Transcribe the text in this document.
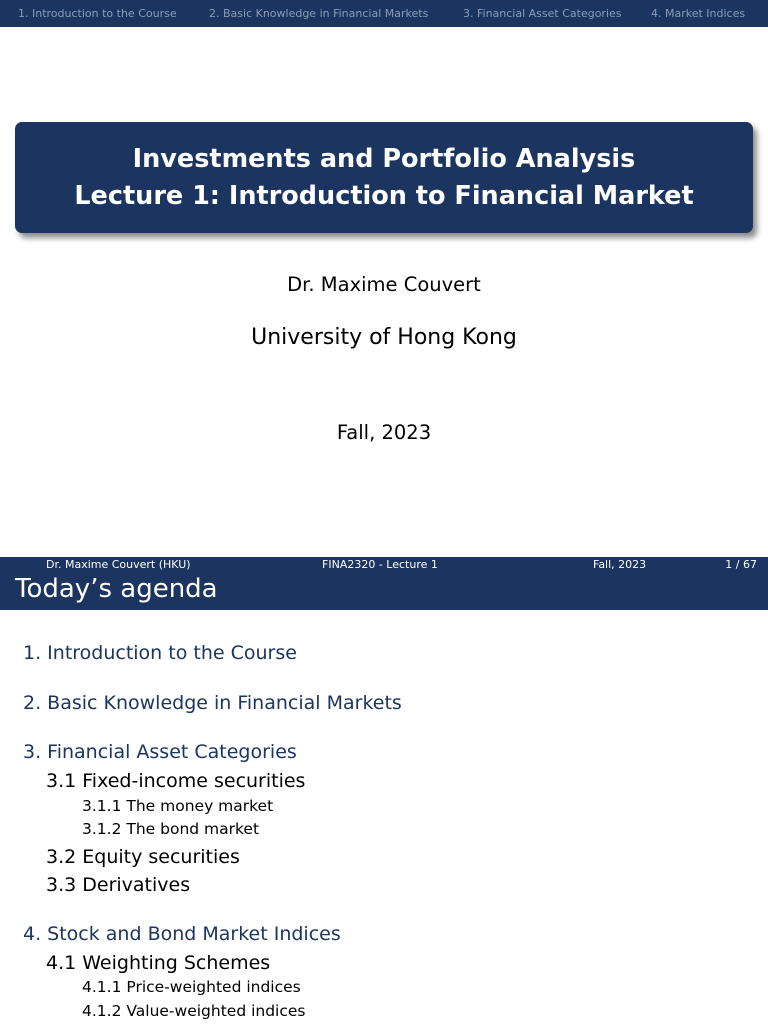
1. Introduction to the Course	2. Basic Knowledge in Financial Markets	3. Financial Asset Categories	4. Market Indices
Investments and Portfolio Analysis
Lecture 1: Introduction to Financial Market
Dr. Maxime Couvert
University of Hong Kong
Fall, 2023
Dr. Maxime Couvert (HKU)	FINA2320 - Lecture 1	Fall, 2023	1 / 67
Today’s agenda
1. Introduction to the Course
2. Basic Knowledge in Financial Markets
3. Financial Asset Categories
3.1 Fixed-income securities
3.1.1 The money market
3.1.2 The bond market
3.2 Equity securities
3.3 Derivatives
4. Stock and Bond Market Indices
4.1 Weighting Schemes
4.1.1 Price-weighted indices
4.1.2 Value-weighted indices
